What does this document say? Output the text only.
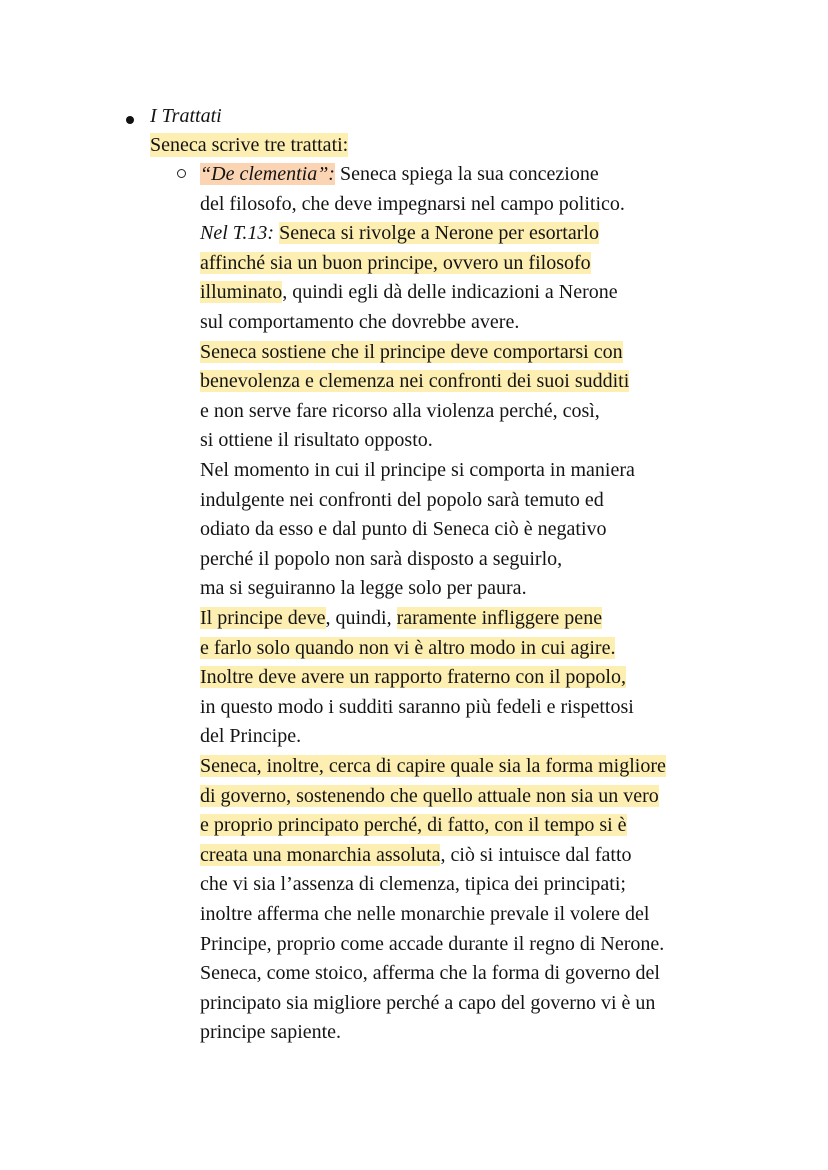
I Trattati
Seneca scrive tre trattati:
“De clementia”: Seneca spiega la sua concezione
del filosofo, che deve impegnarsi nel campo politico.
Nel T.13: Seneca si rivolge a Nerone per esortarlo
affinché sia un buon principe, ovvero un filosofo
illuminato, quindi egli dà delle indicazioni a Nerone
sul comportamento che dovrebbe avere.
Seneca sostiene che il principe deve comportarsi con
benevolenza e clemenza nei confronti dei suoi sudditi
e non serve fare ricorso alla violenza perché, così,
si ottiene il risultato opposto.
Nel momento in cui il principe si comporta in maniera
indulgente nei confronti del popolo sarà temuto ed
odiato da esso e dal punto di Seneca ciò è negativo
perché il popolo non sarà disposto a seguirlo,
ma si seguiranno la legge solo per paura.
Il principe deve, quindi, raramente infliggere pene
e farlo solo quando non vi è altro modo in cui agire.
Inoltre deve avere un rapporto fraterno con il popolo,
in questo modo i sudditi saranno più fedeli e rispettosi
del Principe.
Seneca, inoltre, cerca di capire quale sia la forma migliore
di governo, sostenendo che quello attuale non sia un vero
e proprio principato perché, di fatto, con il tempo si è
creata una monarchia assoluta, ciò si intuisce dal fatto
che vi sia l’assenza di clemenza, tipica dei principati;
inoltre afferma che nelle monarchie prevale il volere del
Principe, proprio come accade durante il regno di Nerone.
Seneca, come stoico, afferma che la forma di governo del
principato sia migliore perché a capo del governo vi è un
principe sapiente.
